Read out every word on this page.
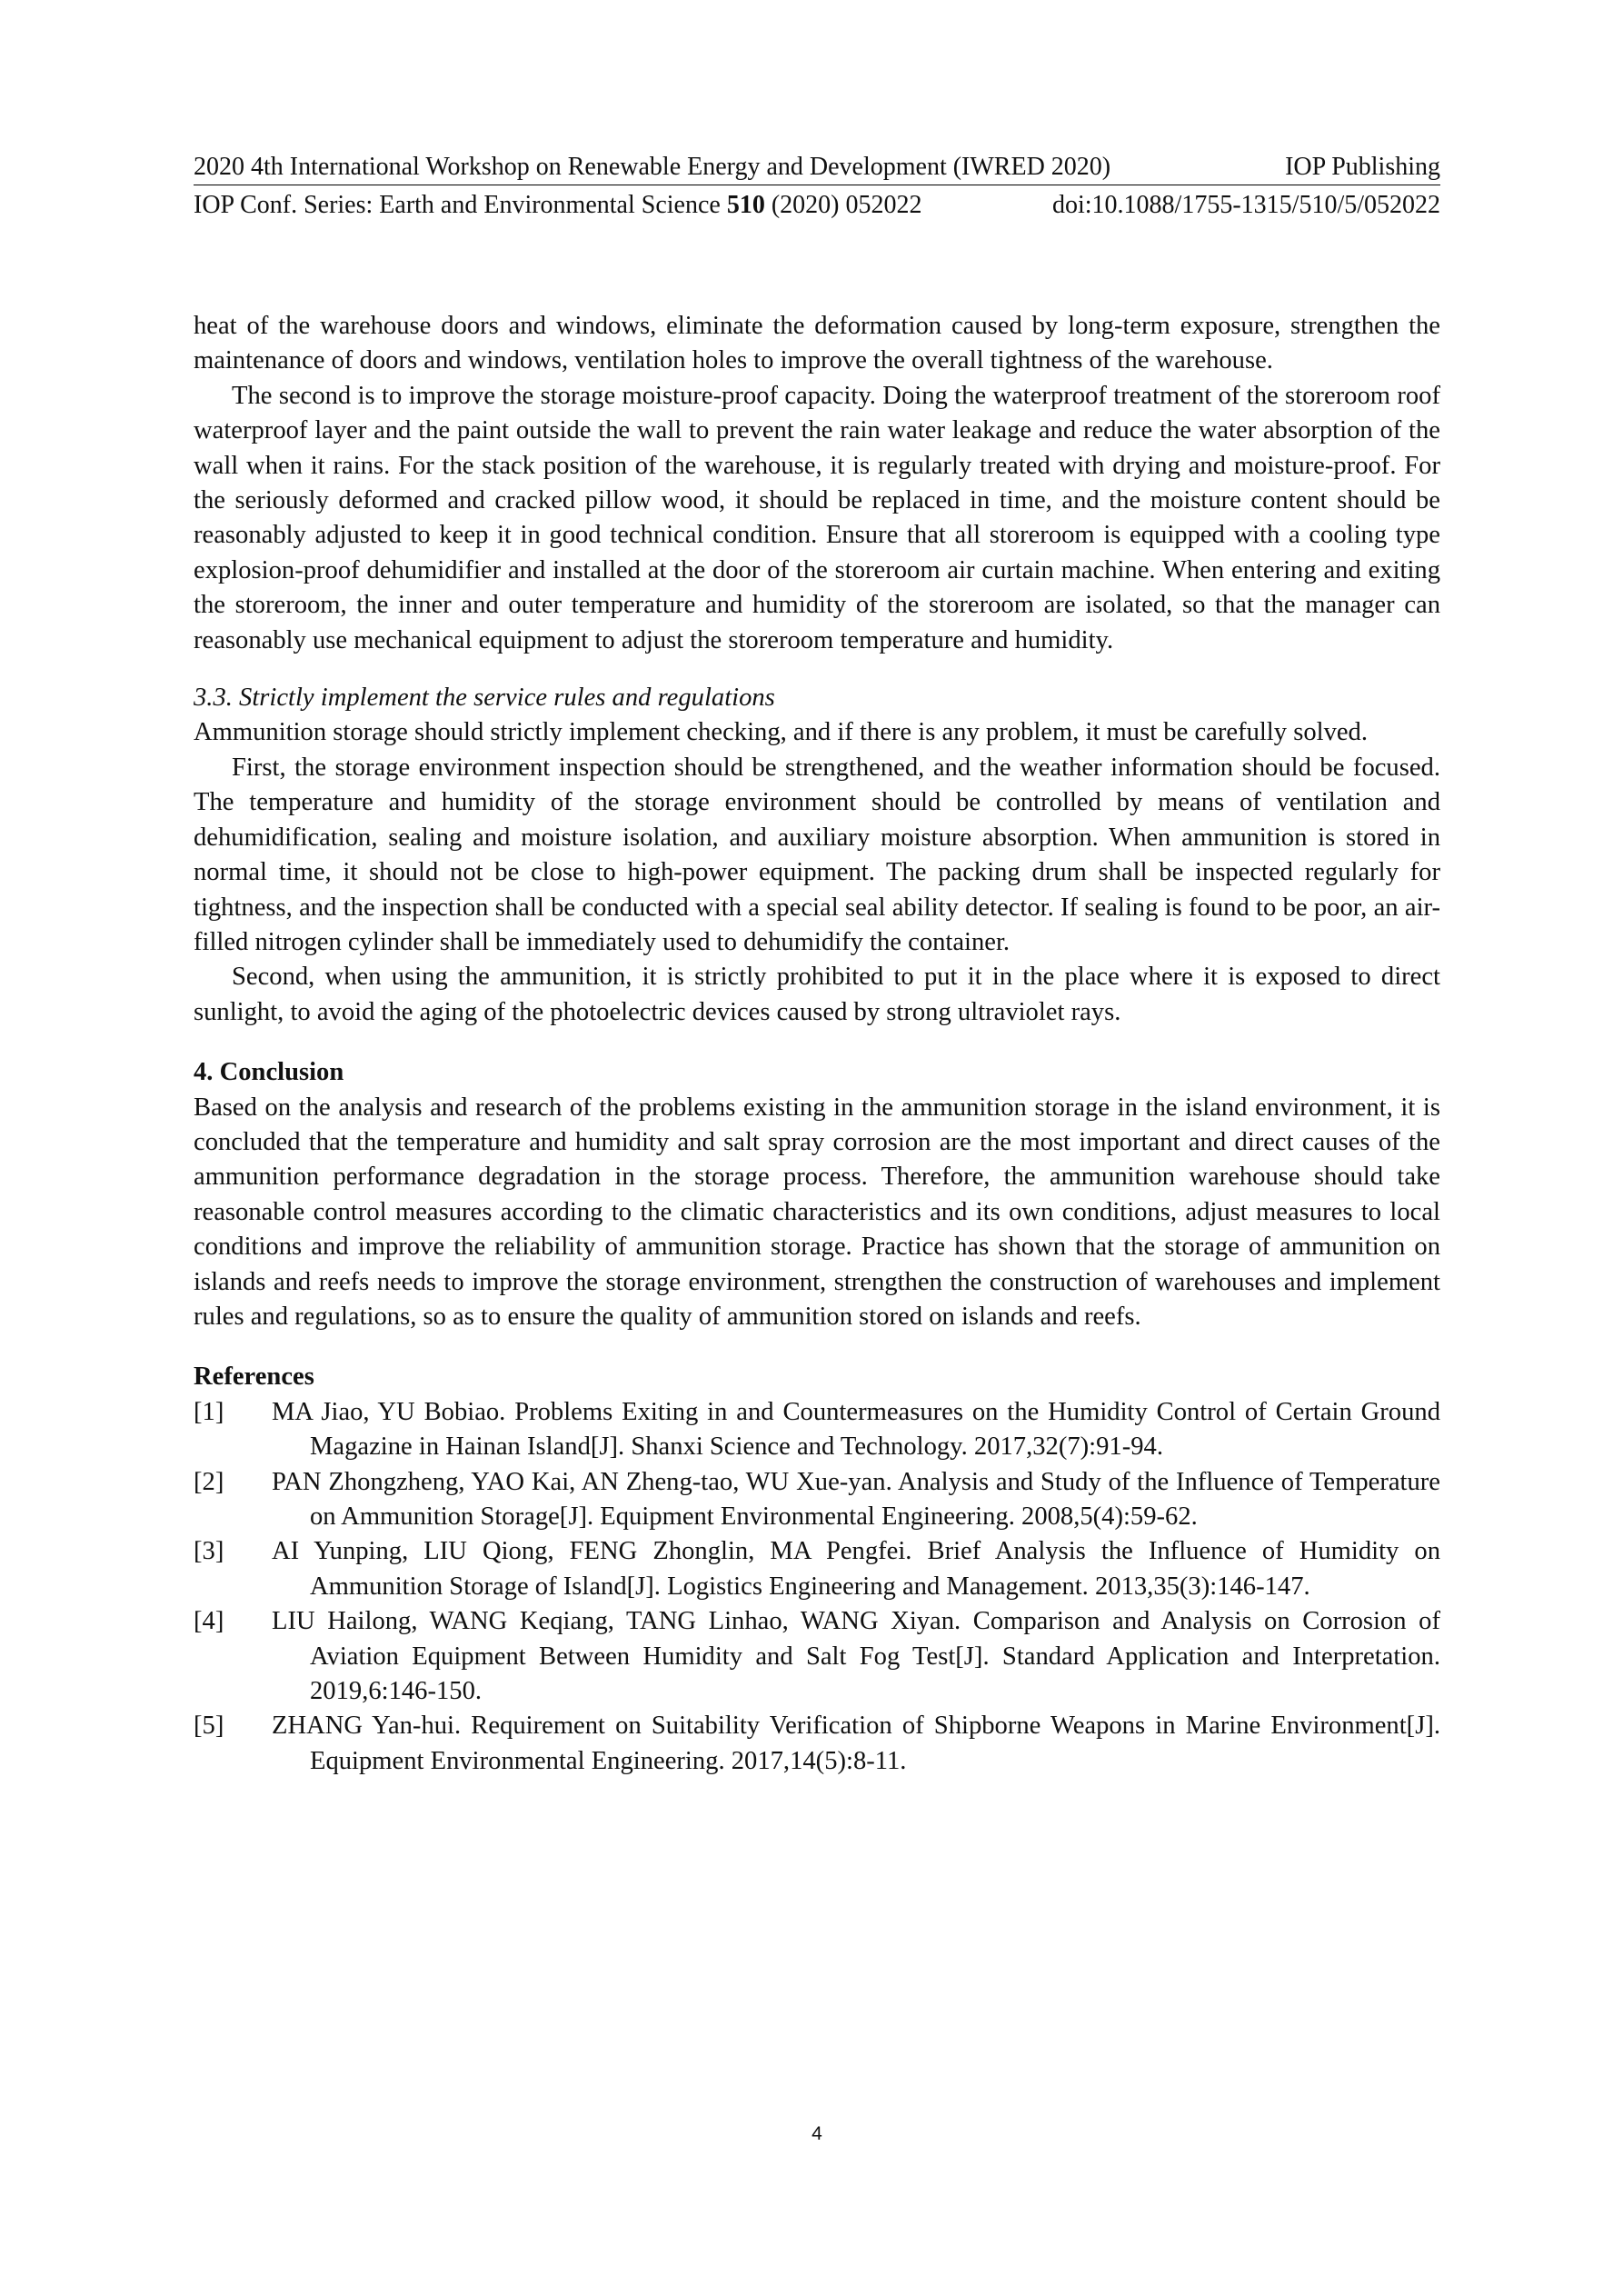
2020 4th International Workshop on Renewable Energy and Development (IWRED 2020)	IOP Publishing
IOP Conf. Series: Earth and Environmental Science 510 (2020) 052022	doi:10.1088/1755-1315/510/5/052022

heat of the warehouse doors and windows, eliminate the deformation caused by long-term exposure, strengthen the maintenance of doors and windows, ventilation holes to improve the overall tightness of the warehouse.

The second is to improve the storage moisture-proof capacity. Doing the waterproof treatment of the storeroom roof waterproof layer and the paint outside the wall to prevent the rain water leakage and reduce the water absorption of the wall when it rains. For the stack position of the warehouse, it is regularly treated with drying and moisture-proof. For the seriously deformed and cracked pillow wood, it should be replaced in time, and the moisture content should be reasonably adjusted to keep it in good technical condition. Ensure that all storeroom is equipped with a cooling type explosion-proof dehumidifier and installed at the door of the storeroom air curtain machine. When entering and exiting the storeroom, the inner and outer temperature and humidity of the storeroom are isolated, so that the manager can reasonably use mechanical equipment to adjust the storeroom temperature and humidity.

3.3. Strictly implement the service rules and regulations

Ammunition storage should strictly implement checking, and if there is any problem, it must be carefully solved.

First, the storage environment inspection should be strengthened, and the weather information should be focused. The temperature and humidity of the storage environment should be controlled by means of ventilation and dehumidification, sealing and moisture isolation, and auxiliary moisture absorption. When ammunition is stored in normal time, it should not be close to high-power equipment. The packing drum shall be inspected regularly for tightness, and the inspection shall be conducted with a special seal ability detector. If sealing is found to be poor, an air-filled nitrogen cylinder shall be immediately used to dehumidify the container.

Second, when using the ammunition, it is strictly prohibited to put it in the place where it is exposed to direct sunlight, to avoid the aging of the photoelectric devices caused by strong ultraviolet rays.

4. Conclusion

Based on the analysis and research of the problems existing in the ammunition storage in the island environment, it is concluded that the temperature and humidity and salt spray corrosion are the most important and direct causes of the ammunition performance degradation in the storage process. Therefore, the ammunition warehouse should take reasonable control measures according to the climatic characteristics and its own conditions, adjust measures to local conditions and improve the reliability of ammunition storage. Practice has shown that the storage of ammunition on islands and reefs needs to improve the storage environment, strengthen the construction of warehouses and implement rules and regulations, so as to ensure the quality of ammunition stored on islands and reefs.

References

[1] MA Jiao, YU Bobiao. Problems Exiting in and Countermeasures on the Humidity Control of Certain Ground Magazine in Hainan Island[J]. Shanxi Science and Technology. 2017,32(7):91-94.
[2] PAN Zhongzheng, YAO Kai, AN Zheng-tao, WU Xue-yan. Analysis and Study of the Influence of Temperature on Ammunition Storage[J]. Equipment Environmental Engineering. 2008,5(4):59-62.
[3] AI Yunping, LIU Qiong, FENG Zhonglin, MA Pengfei. Brief Analysis the Influence of Humidity on Ammunition Storage of Island[J]. Logistics Engineering and Management. 2013,35(3):146-147.
[4] LIU Hailong, WANG Keqiang, TANG Linhao, WANG Xiyan. Comparison and Analysis on Corrosion of Aviation Equipment Between Humidity and Salt Fog Test[J]. Standard Application and Interpretation. 2019,6:146-150.
[5] ZHANG Yan-hui. Requirement on Suitability Verification of Shipborne Weapons in Marine Environment[J]. Equipment Environmental Engineering. 2017,14(5):8-11.
4
